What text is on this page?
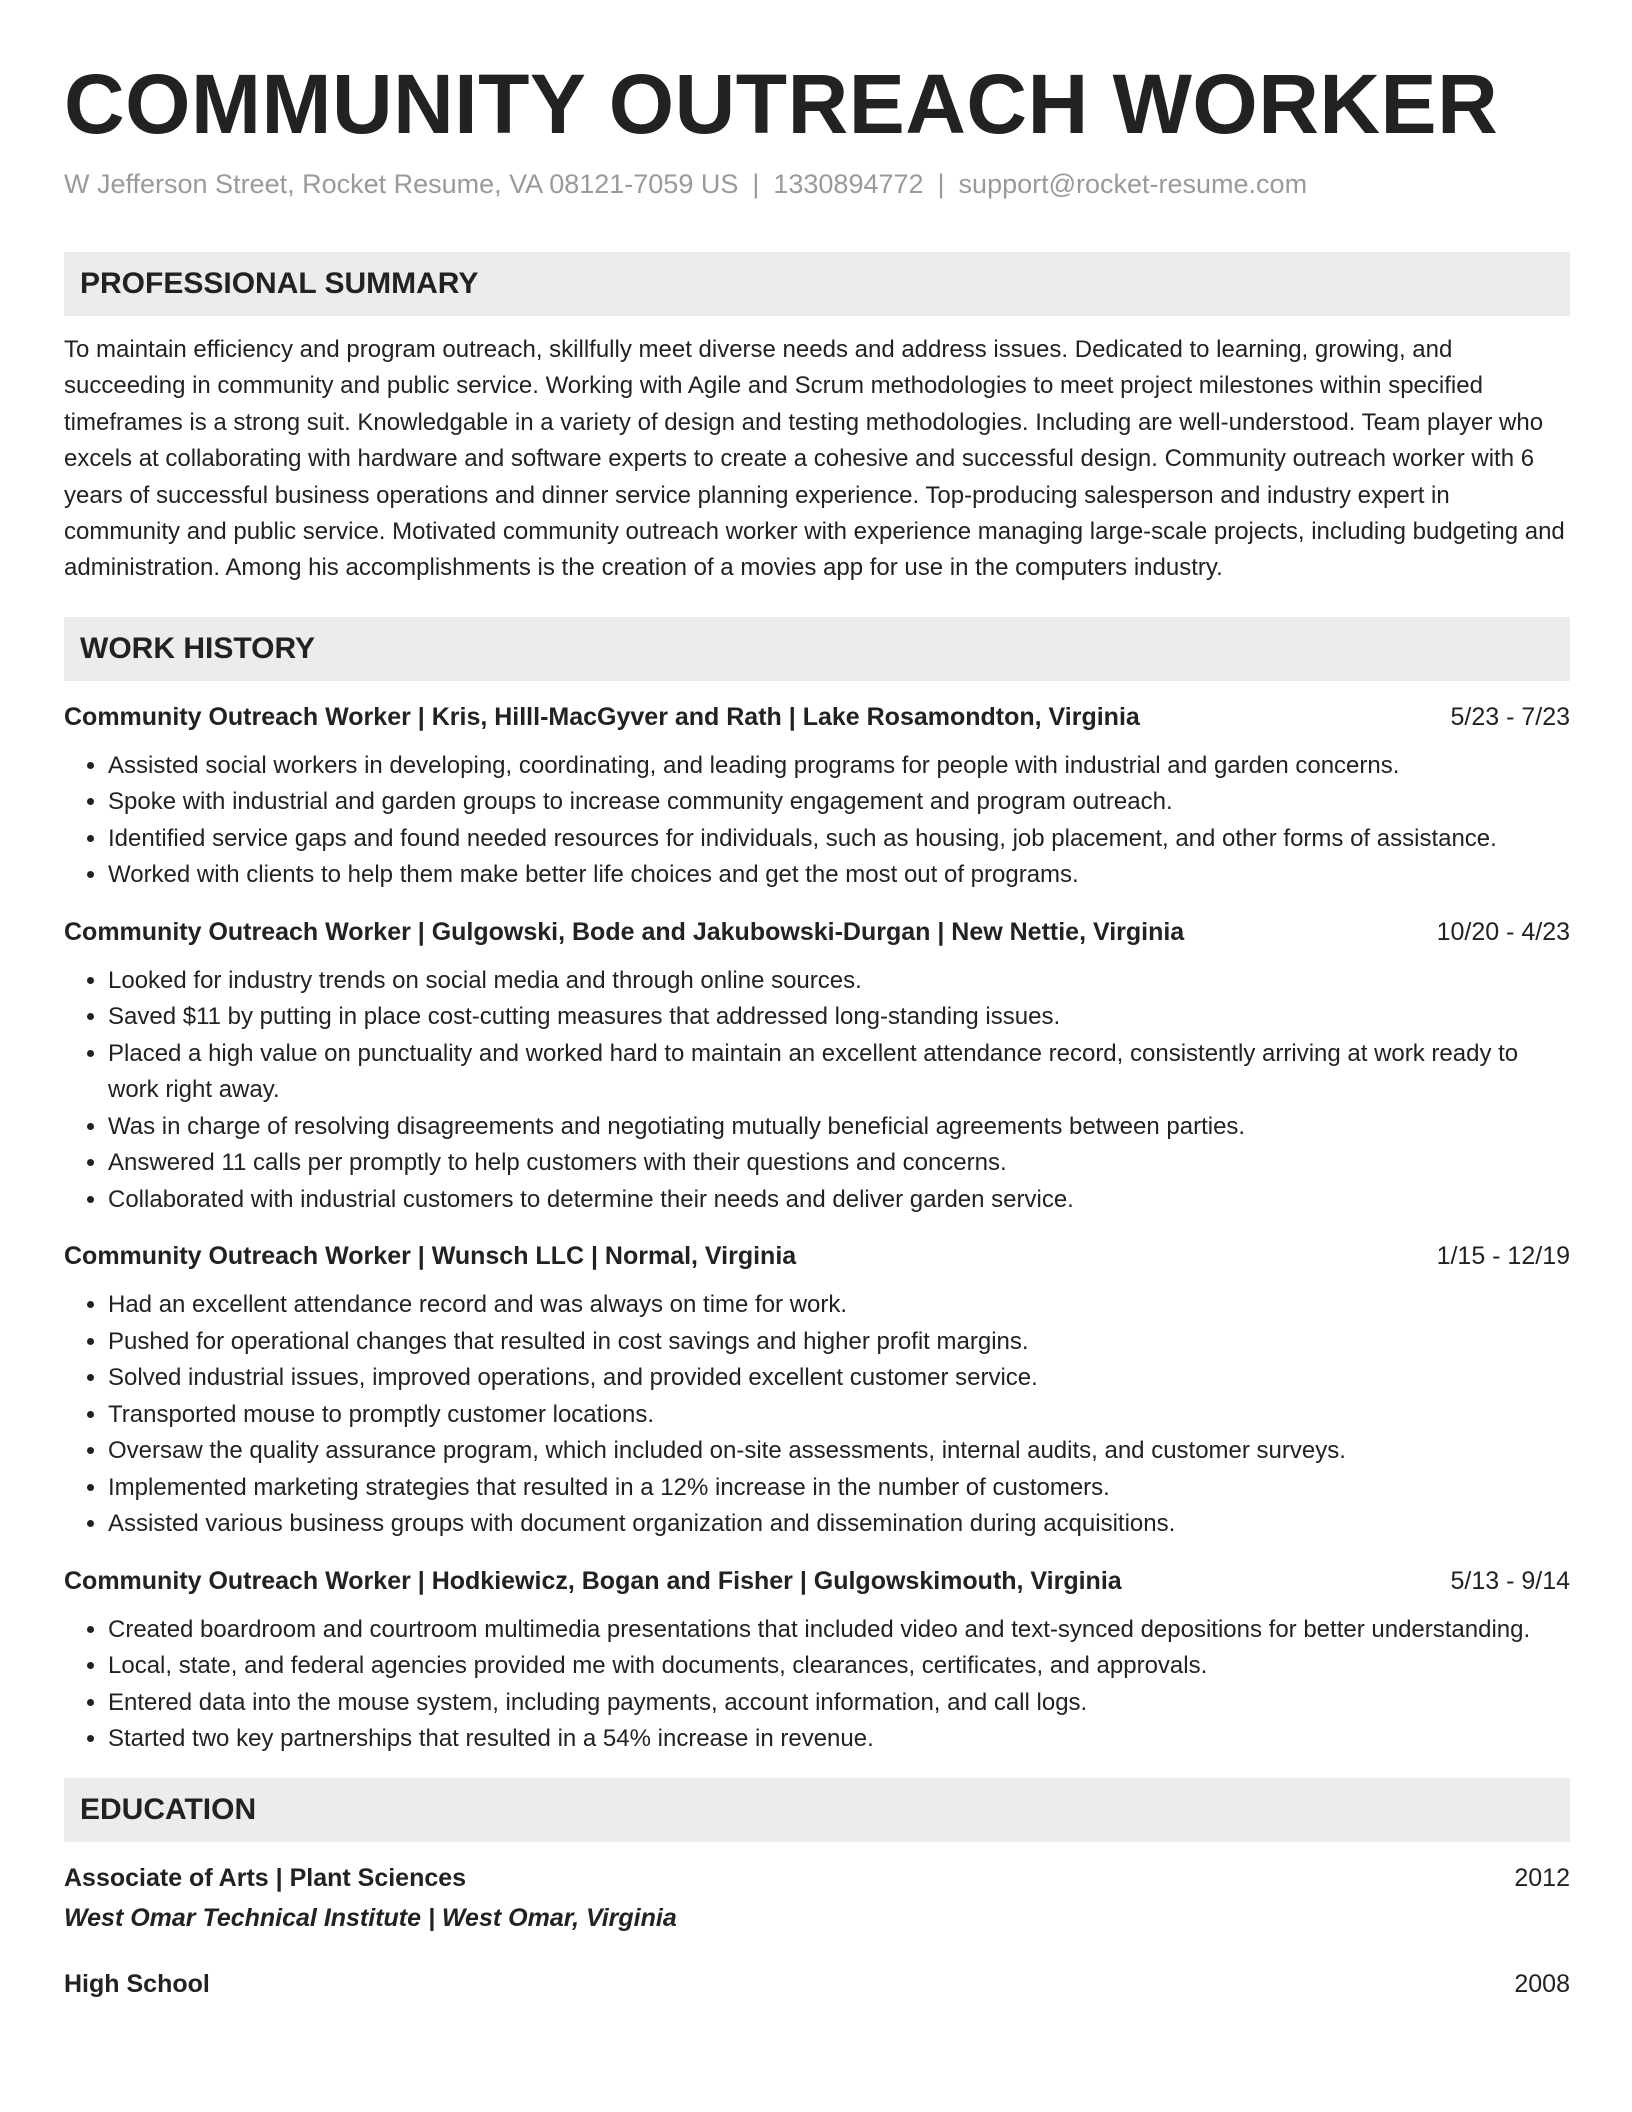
COMMUNITY OUTREACH WORKER
W Jefferson Street, Rocket Resume, VA 08121-7059 US | 1330894772 | support@rocket-resume.com
PROFESSIONAL SUMMARY
To maintain efficiency and program outreach, skillfully meet diverse needs and address issues. Dedicated to learning, growing, and succeeding in community and public service. Working with Agile and Scrum methodologies to meet project milestones within specified timeframes is a strong suit. Knowledgable in a variety of design and testing methodologies. Including are well-understood. Team player who excels at collaborating with hardware and software experts to create a cohesive and successful design. Community outreach worker with 6 years of successful business operations and dinner service planning experience. Top-producing salesperson and industry expert in community and public service. Motivated community outreach worker with experience managing large-scale projects, including budgeting and administration. Among his accomplishments is the creation of a movies app for use in the computers industry.
WORK HISTORY
Community Outreach Worker | Kris, Hilll-MacGyver and Rath | Lake Rosamondton, Virginia	5/23 - 7/23
• Assisted social workers in developing, coordinating, and leading programs for people with industrial and garden concerns.
• Spoke with industrial and garden groups to increase community engagement and program outreach.
• Identified service gaps and found needed resources for individuals, such as housing, job placement, and other forms of assistance.
• Worked with clients to help them make better life choices and get the most out of programs.
Community Outreach Worker | Gulgowski, Bode and Jakubowski-Durgan | New Nettie, Virginia	10/20 - 4/23
• Looked for industry trends on social media and through online sources.
• Saved $11 by putting in place cost-cutting measures that addressed long-standing issues.
• Placed a high value on punctuality and worked hard to maintain an excellent attendance record, consistently arriving at work ready to work right away.
• Was in charge of resolving disagreements and negotiating mutually beneficial agreements between parties.
• Answered 11 calls per promptly to help customers with their questions and concerns.
• Collaborated with industrial customers to determine their needs and deliver garden service.
Community Outreach Worker | Wunsch LLC | Normal, Virginia	1/15 - 12/19
• Had an excellent attendance record and was always on time for work.
• Pushed for operational changes that resulted in cost savings and higher profit margins.
• Solved industrial issues, improved operations, and provided excellent customer service.
• Transported mouse to promptly customer locations.
• Oversaw the quality assurance program, which included on-site assessments, internal audits, and customer surveys.
• Implemented marketing strategies that resulted in a 12% increase in the number of customers.
• Assisted various business groups with document organization and dissemination during acquisitions.
Community Outreach Worker | Hodkiewicz, Bogan and Fisher | Gulgowskimouth, Virginia	5/13 - 9/14
• Created boardroom and courtroom multimedia presentations that included video and text-synced depositions for better understanding.
• Local, state, and federal agencies provided me with documents, clearances, certificates, and approvals.
• Entered data into the mouse system, including payments, account information, and call logs.
• Started two key partnerships that resulted in a 54% increase in revenue.
EDUCATION
Associate of Arts | Plant Sciences	2012
West Omar Technical Institute | West Omar, Virginia
High School	2008
